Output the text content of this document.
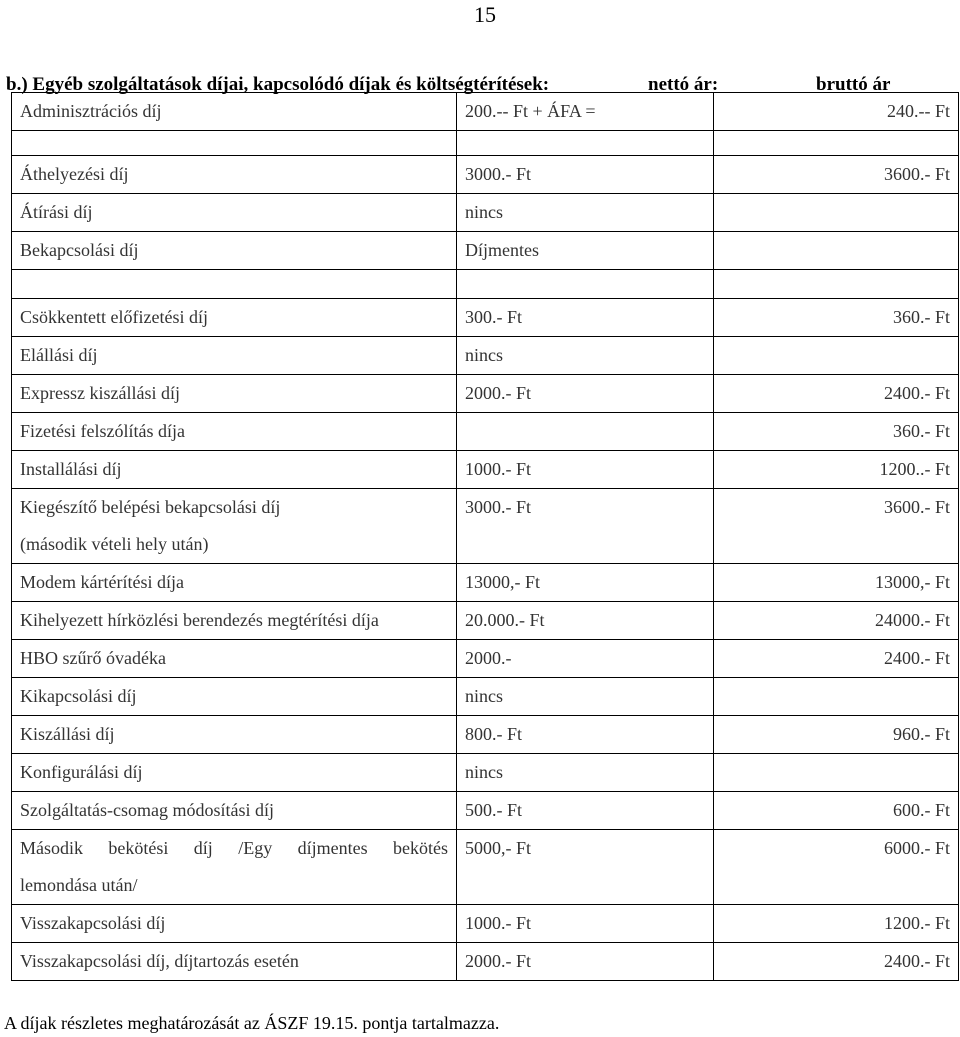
15
b.) Egyéb szolgáltatások díjai, kapcsolódó díjak és költségtérítések:	nettó ár:	bruttó ár
Adminisztrációs díj	200.-- Ft + ÁFA =	240.-- Ft

Áthelyezési díj	3000.- Ft	3600.- Ft
Átírási díj	nincs	
Bekapcsolási díj	Díjmentes	

Csökkentett előfizetési díj	300.- Ft	360.- Ft
Elállási díj	nincs	
Expressz kiszállási díj	2000.- Ft	2400.- Ft
Fizetési felszólítás díja		360.- Ft
Installálási díj	1000.- Ft	1200..- Ft

Kiegészítő belépési bekapcsolási díj
(második vételi hely után)	3000.- Ft	3600.- Ft
Modem kártérítési díja	13000,- Ft	13000,- Ft
Kihelyezett hírközlési berendezés megtérítési díja	20.000.- Ft	24000.- Ft
HBO szűrő óvadéka	2000.-	2400.- Ft
Kikapcsolási díj	nincs	
Kiszállási díj	800.- Ft	960.- Ft
Konfigurálási díj	nincs	
Szolgáltatás-csomag módosítási díj	500.- Ft	600.- Ft

Második bekötési díj /Egy díjmentes bekötés
lemondása után/	5000,- Ft	6000.- Ft
Visszakapcsolási díj	1000.- Ft	1200.- Ft
Visszakapcsolási díj, díjtartozás esetén	2000.- Ft	2400.- Ft
A díjak részletes meghatározását az ÁSZF 19.15. pontja tartalmazza.
